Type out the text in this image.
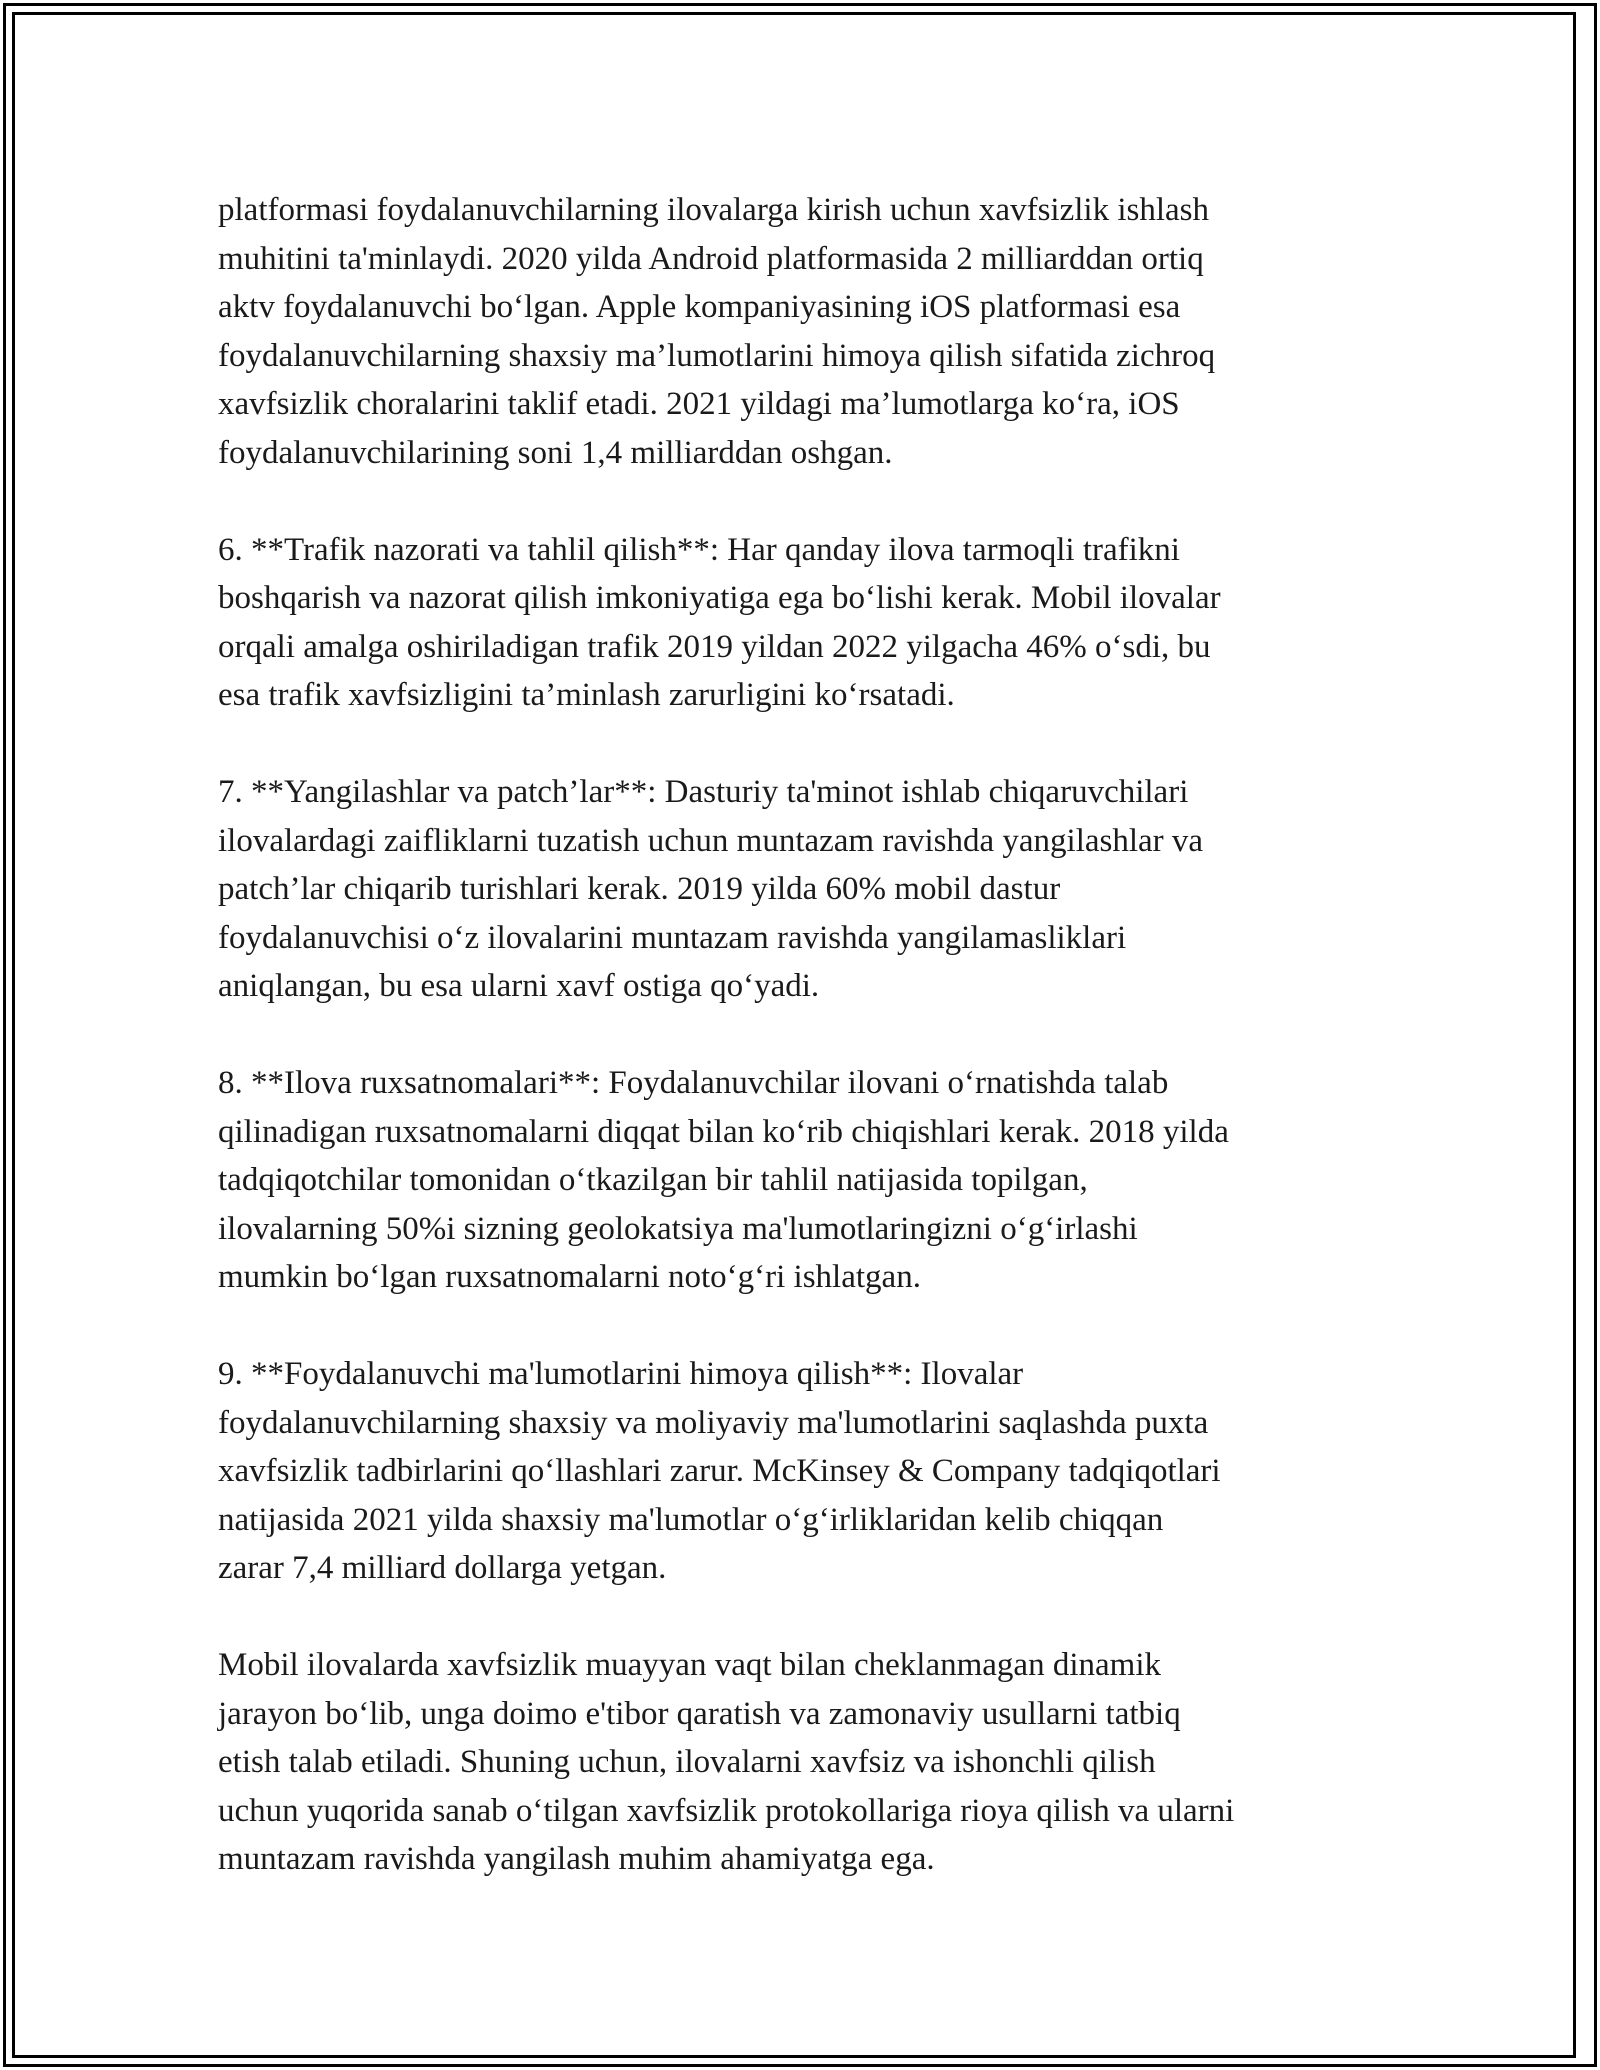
platformasi foydalanuvchilarning ilovalarga kirish uchun xavfsizlik ishlash
muhitini ta'minlaydi. 2020 yilda Android platformasida 2 milliarddan ortiq
aktv foydalanuvchi bo‘lgan. Apple kompaniyasining iOS platformasi esa
foydalanuvchilarning shaxsiy ma’lumotlarini himoya qilish sifatida zichroq
xavfsizlik choralarini taklif etadi. 2021 yildagi ma’lumotlarga ko‘ra, iOS
foydalanuvchilarining soni 1,4 milliarddan oshgan.

6. **Trafik nazorati va tahlil qilish**: Har qanday ilova tarmoqli trafikni
boshqarish va nazorat qilish imkoniyatiga ega bo‘lishi kerak. Mobil ilovalar
orqali amalga oshiriladigan trafik 2019 yildan 2022 yilgacha 46% o‘sdi, bu
esa trafik xavfsizligini ta’minlash zarurligini ko‘rsatadi.

7. **Yangilashlar va patch’lar**: Dasturiy ta'minot ishlab chiqaruvchilari
ilovalardagi zaifliklarni tuzatish uchun muntazam ravishda yangilashlar va
patch’lar chiqarib turishlari kerak. 2019 yilda 60% mobil dastur
foydalanuvchisi o‘z ilovalarini muntazam ravishda yangilamasliklari
aniqlangan, bu esa ularni xavf ostiga qo‘yadi.

8. **Ilova ruxsatnomalari**: Foydalanuvchilar ilovani o‘rnatishda talab
qilinadigan ruxsatnomalarni diqqat bilan ko‘rib chiqishlari kerak. 2018 yilda
tadqiqotchilar tomonidan o‘tkazilgan bir tahlil natijasida topilgan,
ilovalarning 50%i sizning geolokatsiya ma'lumotlaringizni o‘g‘irlashi
mumkin bo‘lgan ruxsatnomalarni noto‘g‘ri ishlatgan.

9. **Foydalanuvchi ma'lumotlarini himoya qilish**: Ilovalar
foydalanuvchilarning shaxsiy va moliyaviy ma'lumotlarini saqlashda puxta
xavfsizlik tadbirlarini qo‘llashlari zarur. McKinsey & Company tadqiqotlari
natijasida 2021 yilda shaxsiy ma'lumotlar o‘g‘irliklaridan kelib chiqqan
zarar 7,4 milliard dollarga yetgan.

Mobil ilovalarda xavfsizlik muayyan vaqt bilan cheklanmagan dinamik
jarayon bo‘lib, unga doimo e'tibor qaratish va zamonaviy usullarni tatbiq
etish talab etiladi. Shuning uchun, ilovalarni xavfsiz va ishonchli qilish
uchun yuqorida sanab o‘tilgan xavfsizlik protokollariga rioya qilish va ularni
muntazam ravishda yangilash muhim ahamiyatga ega.
